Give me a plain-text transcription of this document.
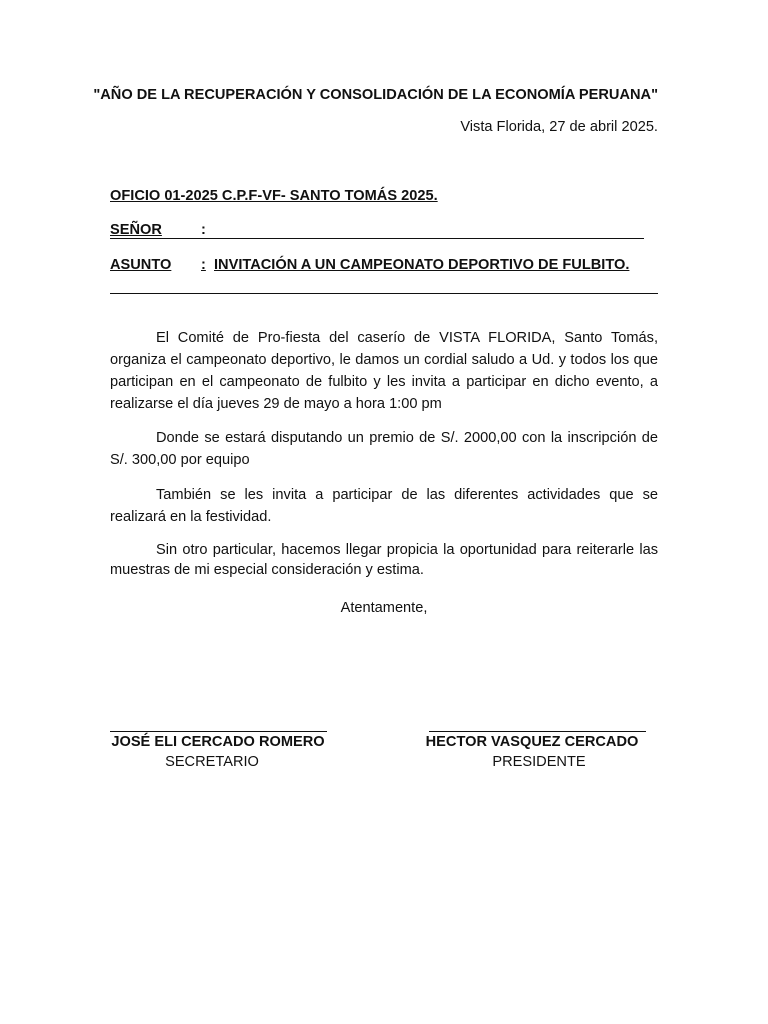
"AÑO DE LA RECUPERACIÓN Y CONSOLIDACIÓN DE LA ECONOMÍA PERUANA"
Vista Florida, 27 de abril 2025.
OFICIO 01-2025 C.P.F-VF- SANTO TOMÁS 2025.
SEÑOR	:
ASUNTO : INVITACIÓN A UN CAMPEONATO DEPORTIVO DE FULBITO.
El Comité de Pro-fiesta del caserío de VISTA FLORIDA, Santo Tomás, organiza el campeonato deportivo, le damos un cordial saludo a Ud. y todos los que participan en el campeonato de fulbito y les invita a participar en dicho evento, a realizarse el día jueves 29 de mayo a hora 1:00 pm
Donde se estará disputando un premio de S/. 2000,00 con la inscripción de S/. 300,00 por equipo
También se les invita a participar de las diferentes actividades que se realizará en la festividad.
Sin otro particular, hacemos llegar propicia la oportunidad para reiterarle las muestras de mi especial consideración y estima.
Atentamente,
JOSÉ ELI CERCADO ROMERO
SECRETARIO
HECTOR VASQUEZ CERCADO
PRESIDENTE
